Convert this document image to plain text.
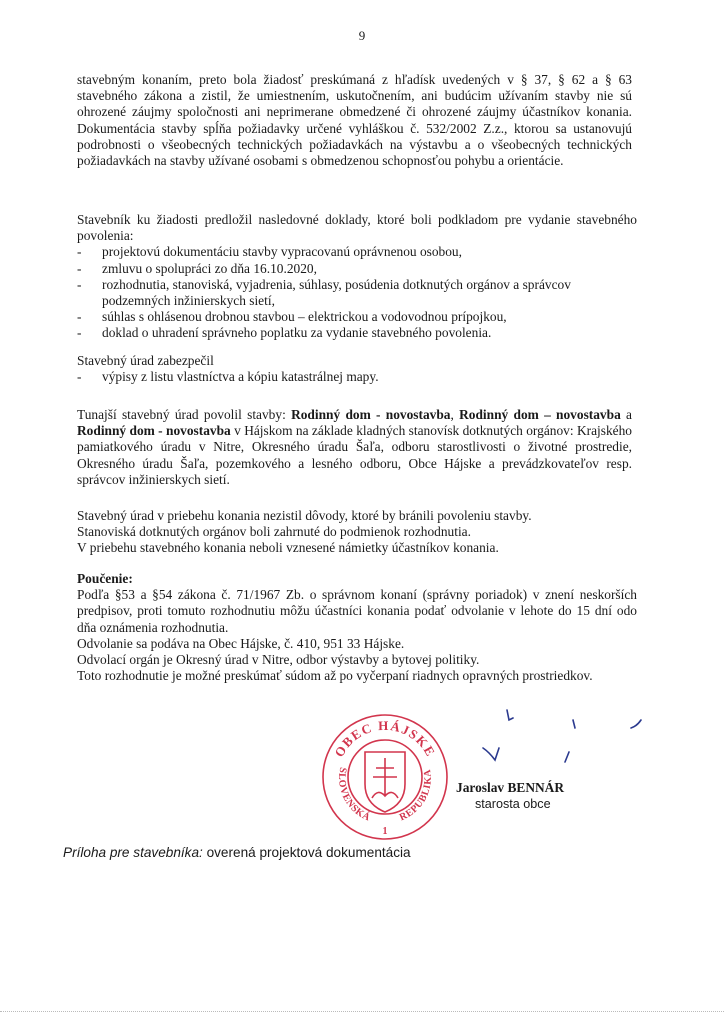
9

stavebným konaním, preto bola žiadosť preskúmaná z hľadísk uvedených v § 37, § 62 a § 63 stavebného zákona a zistil, že umiestnením, uskutočnením, ani budúcim užívaním stavby nie sú ohrozené záujmy spoločnosti ani neprimerane obmedzené či ohrozené záujmy účastníkov konania. Dokumentácia stavby spĺňa požiadavky určené vyhláškou č. 532/2002 Z.z., ktorou sa ustanovujú podrobnosti o všeobecných technických požiadavkách na výstavbu a o všeobecných technických požiadavkách na stavby užívané osobami s obmedzenou schopnosťou pohybu a orientácie.

Stavebník ku žiadosti predložil nasledovné doklady, ktoré boli podkladom pre vydanie stavebného povolenia:

- projektovú dokumentáciu stavby vypracovanú oprávnenou osobou,
- zmluvu o spolupráci zo dňa 16.10.2020,
- rozhodnutia, stanoviská, vyjadrenia, súhlasy, posúdenia dotknutých orgánov a správcov podzemných inžinierskych sietí,
- súhlas s ohlásenou drobnou stavbou – elektrickou a vodovodnou prípojkou,
- doklad o uhradení správneho poplatku za vydanie stavebného povolenia.

Stavebný úrad zabezpečil

- výpisy z listu vlastníctva a kópiu katastrálnej mapy.

Tunajší stavebný úrad povolil stavby: Rodinný dom - novostavba, Rodinný dom – novostavba a Rodinný dom - novostavba v Hájskom na základe kladných stanovísk dotknutých orgánov: Krajského pamiatkového úradu v Nitre, Okresného úradu Šaľa, odboru starostlivosti o životné prostredie, Okresného úradu Šaľa, pozemkového a lesného odboru, Obce Hájske a prevádzkovateľov resp. správcov inžinierskych sietí.

Stavebný úrad v priebehu konania nezistil dôvody, ktoré by bránili povoleniu stavby.

Stanoviská dotknutých orgánov boli zahrnuté do podmienok rozhodnutia.

V priebehu stavebného konania neboli vznesené námietky účastníkov konania.

Poučenie:

Podľa §53 a §54 zákona č. 71/1967 Zb. o správnom konaní (správny poriadok) v znení neskorších predpisov, proti tomuto rozhodnutiu môžu účastníci konania podať odvolanie v lehote do 15 dní odo dňa oznámenia rozhodnutia.

Odvolanie sa podáva na Obec Hájske, č. 410, 951 33 Hájske.

Odvolací orgán je Okresný úrad v Nitre, odbor výstavby a bytovej politiky.

Toto rozhodnutie je možné preskúmať súdom až po vyčerpaní riadnych opravných prostriedkov.

OBEC HÁJSKE
SLOVENSKÁ	REPUBLIKA
1
Jaroslav BENNÁR
starosta obce
Príloha pre stavebníka: overená projektová dokumentácia
